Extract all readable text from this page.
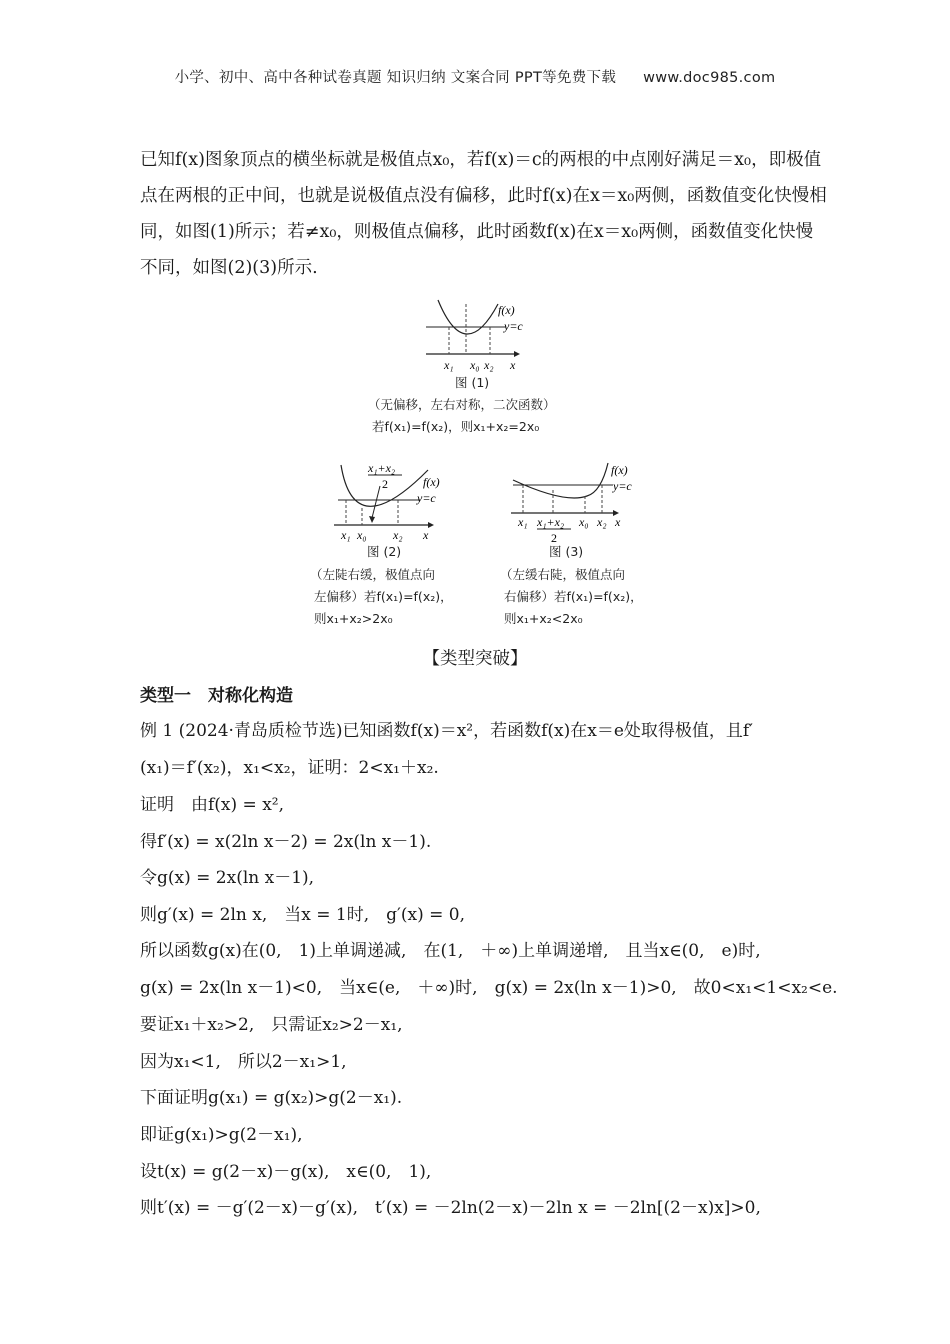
小学、初中、高中各种试卷真题 知识归纳 文案合同 PPT等免费下载 www.doc985.com

已知f(x)图象顶点的横坐标就是极值点x₀，若f(x)＝c的两根的中点刚好满足＝x₀，即极值点在两根的正中间，也就是说极值点没有偏移，此时f(x)在x＝x₀两侧，函数值变化快慢相同，如图(1)所示；若≠x₀，则极值点偏移，此时函数f(x)在x＝x₀两侧，函数值变化快慢不同，如图(2)(3)所示.

f(x)
y=c
x₁ x₀ x₂ x
图 (1)
（无偏移，左右对称，二次函数）
若f(x₁)=f(x₂)，则x₁+x₂=2x₀
x₁+x₂
2	f(x)
y=c
x₁ x₀ x₂ x
图 (2)
（左陡右缓，极值点向
左偏移）若f(x₁)=f(x₂)，
则x₁+x₂>2x₀
f(x)
y=c
x₁ x₁+x₂
2
x₀ x₂ x
图 (3)
（左缓右陡，极值点向
右偏移）若f(x₁)=f(x₂)，
则x₁+x₂<2x₀
【类型突破】

类型一　对称化构造

例 1 (2024·青岛质检节选)已知函数f(x)＝x²，若函数f(x)在x＝e处取得极值，且f′

(x₁)＝f′(x₂)，x₁<x₂，证明：2<x₁＋x₂.

证明　由f(x) = x²,

得f′(x) = x(2ln x－2) = 2x(ln x－1).

令g(x) = 2x(ln x－1),

则g′(x) = 2ln x,　当x = 1时,　g′(x) = 0,

所以函数g(x)在(0,　1)上单调递减,　在(1,　＋∞)上单调递增,　且当x∈(0,　e)时,

g(x) = 2x(ln x－1)<0,　当x∈(e,　＋∞)时,　g(x) = 2x(ln x－1)>0,　故0<x₁<1<x₂<e.

要证x₁＋x₂>2,　只需证x₂>2－x₁,

因为x₁<1,　所以2－x₁>1,

下面证明g(x₁) = g(x₂)>g(2－x₁).

即证g(x₁)>g(2－x₁),

设t(x) = g(2－x)－g(x),　x∈(0,　1),

则t′(x) = －g′(2－x)－g′(x),　t′(x) = －2ln(2－x)－2ln x = －2ln[(2－x)x]>0,
